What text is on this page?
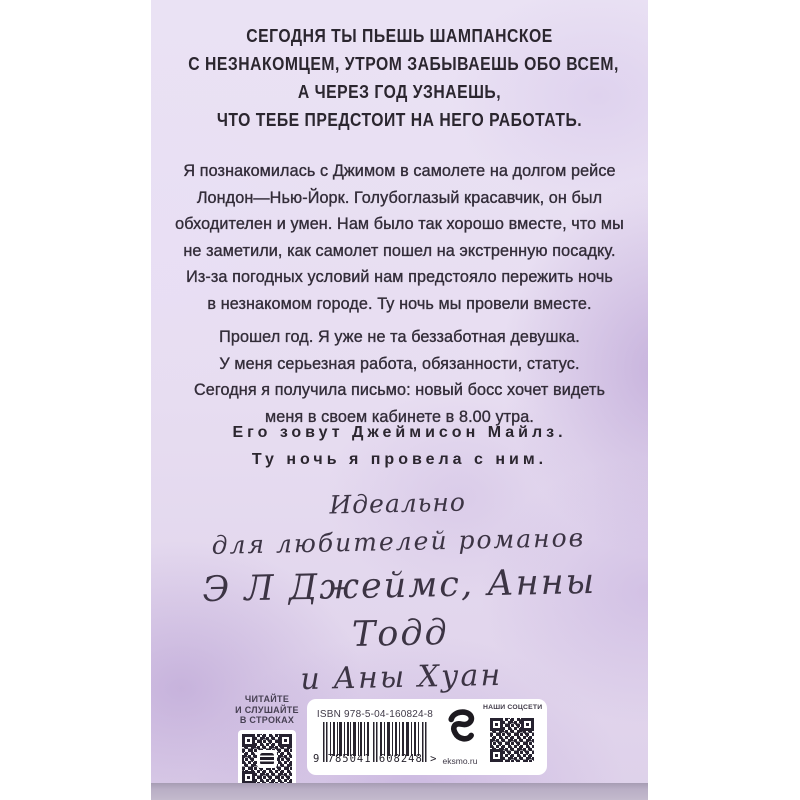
СЕГОДНЯ ТЫ ПЬЕШЬ ШАМПАНСКОЕ
С НЕЗНАКОМЦЕМ, УТРОМ ЗАБЫВАЕШЬ ОБО ВСЕМ,
А ЧЕРЕЗ ГОД УЗНАЕШЬ,
ЧТО ТЕБЕ ПРЕДСТОИТ НА НЕГО РАБОТАТЬ.
Я познакомилась с Джимом в самолете на долгом рейсе
Лондон—Нью-Йорк. Голубоглазый красавчик, он был
обходителен и умен. Нам было так хорошо вместе, что мы
не заметили, как самолет пошел на экстренную посадку.
Из-за погодных условий нам предстояло пережить ночь
в незнакомом городе. Ту ночь мы провели вместе.
Прошел год. Я уже не та беззаботная девушка.
У меня серьезная работа, обязанности, статус.
Сегодня я получила письмо: новый босс хочет видеть
меня в своем кабинете в 8.00 утра.
Его зовут Джеймисон Майлз.
Ту ночь я провела с ним.
Идеально
для любителей романов
Э Л Джеймс, Анны Тодд
и Аны Хуан
ЧИТАЙТЕ
И СЛУШАЙТЕ
В СТРОКАХ	ISBN 978-5-04-160824-8
9 785041 608248 > eksmo.ru
НАШИ СОЦСЕТИ
